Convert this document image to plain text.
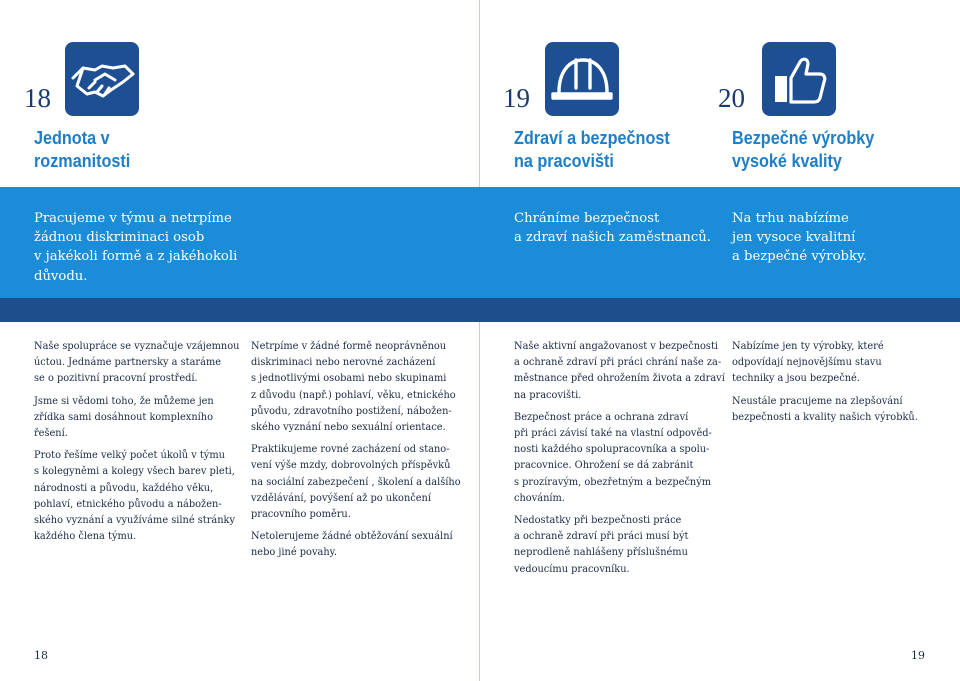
18
Jednota v
rozmanitosti
19
Zdraví a bezpečnost
na pracovišti
20
Bezpečné výrobky
vysoké kvality
Pracujeme v týmu a netrpíme
žádnou diskriminaci osob
v jakékoli formě a z jakéhokoli
důvodu.
Chráníme bezpečnost
a zdraví našich zaměstnanců.
Na trhu nabízíme
jen vysoce kvalitní
a bezpečné výrobky.

Naše spolupráce se vyznačuje vzájemnou
úctou. Jednáme partnersky a staráme
se o pozitivní pracovní prostředí.

Jsme si vědomi toho, že můžeme jen
zřídka sami dosáhnout komplexního
řešení.

Proto řešíme velký počet úkolů v týmu
s kolegyněmi a kolegy všech barev pleti,
národnosti a původu, každého věku,
pohlaví, etnického původu a nábožen-
ského vyznání a využíváme silné stránky
každého člena týmu.

Netrpíme v žádné formě neoprávněnou
diskriminaci nebo nerovné zacházení
s jednotlivými osobami nebo skupinami
z důvodu (např.) pohlaví, věku, etnického
původu, zdravotního postižení, nábožen-
ského vyznání nebo sexuální orientace.

Praktikujeme rovné zacházení od stano-
vení výše mzdy, dobrovolných příspěvků
na sociální zabezpečení , školení a dalšího
vzdělávání, povýšení až po ukončení
pracovního poměru.

Netolerujeme žádné obtěžování sexuální
nebo jiné povahy.

Naše aktivní angažovanost v bezpečnosti
a ochraně zdraví při práci chrání naše za-
městnance před ohrožením života a zdraví
na pracovišti.

Bezpečnost práce a ochrana zdraví
při práci závisí také na vlastní odpověd-
nosti každého spolupracovníka a spolu-
pracovnice. Ohrožení se dá zabránit
s prozíravým, obezřetným a bezpečným
chováním.

Nedostatky při bezpečnosti práce
a ochraně zdraví při práci musí být
neprodleně nahlášeny příslušnému
vedoucímu pracovníku.

Nabízíme jen ty výrobky, které
odpovídají nejnovějšímu stavu
techniky a jsou bezpečné.

Neustále pracujeme na zlepšování
bezpečnosti a kvality našich výrobků.

18	19
